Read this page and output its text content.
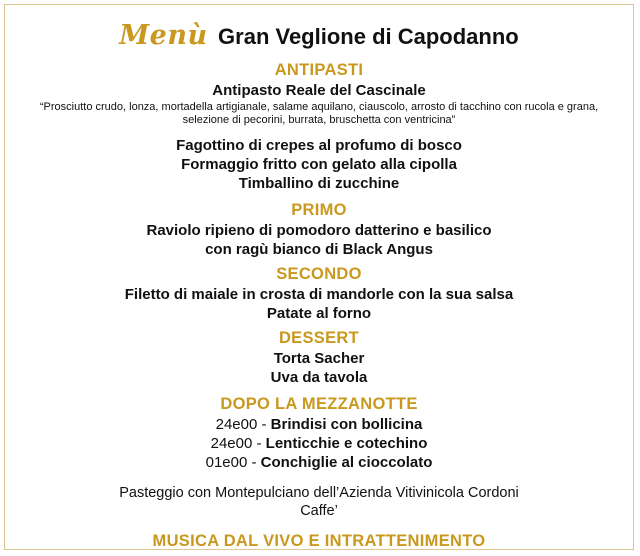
Menù Gran Veglione di Capodanno
ANTIPASTI
Antipasto Reale del Cascinale
“Prosciutto crudo, lonza, mortadella artigianale, salame aquilano, ciauscolo, arrosto di tacchino con rucola e grana, selezione di pecorini, burrata, bruschetta con ventricina”
Fagottino di crepes al profumo di bosco
Formaggio fritto con gelato alla cipolla
Timballino di zucchine
PRIMO
Raviolo ripieno di pomodoro datterino e basilico
con ragù bianco di Black Angus
SECONDO
Filetto di maiale in crosta di mandorle con la sua salsa
Patate al forno
DESSERT
Torta Sacher
Uva da tavola
DOPO LA MEZZANOTTE
24e00 - Brindisi con bollicina
24e00 - Lenticchie e cotechino
01e00 - Conchiglie al cioccolato
Pasteggio con Montepulciano dell’Azienda Vitivinicola Cordoni
Caffe’
MUSICA DAL VIVO E INTRATTENIMENTO
